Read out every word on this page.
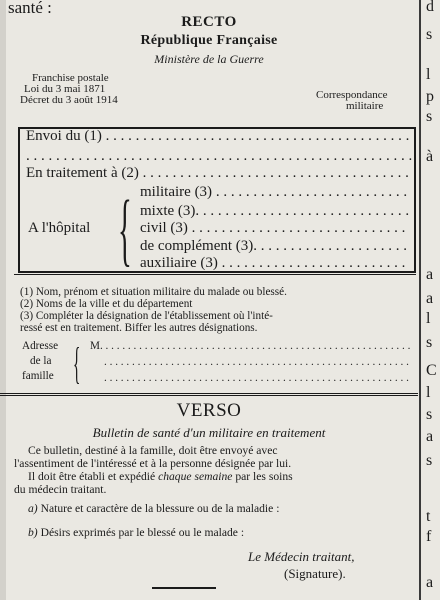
d
s
l
p
s
à
a
a
l
s
C
l
s
a
s
t
f
a
santé :
RECTO
République Française
Ministère de la Guerre
Franchise postale
Loi du 3 mai 1871
Décret du 3 août 1914	Correspondance
militaire
Envoi du (1) . . .
. . .
En traitement à (2) . . .
A l'hôpital { militaire (3) . . .
mixte (3). . . .
civil (3) . . .
de complément (3). . . .
auxiliaire (3) . . .
(1) Nom, prénom et situation militaire du malade ou blessé.
(2) Noms de la ville et du département
(3) Compléter la désignation de l'établissement où l'inté-
ressé est en traitement. Biffer les autres désignations.
Adresse
de la
famille { M. . . .
. . .
. . .
VERSO
Bulletin de santé d'un militaire en traitement
Ce bulletin, destiné à la famille, doit être envoyé avec
l'assentiment de l'intéressé et à la personne désignée par lui.
Il doit être établi et expédié chaque semaine par les soins
du médecin traitant.
a) Nature et caractère de la blessure ou de la maladie :
b) Désirs exprimés par le blessé ou le malade :
Le Médecin traitant,
(Signature).
